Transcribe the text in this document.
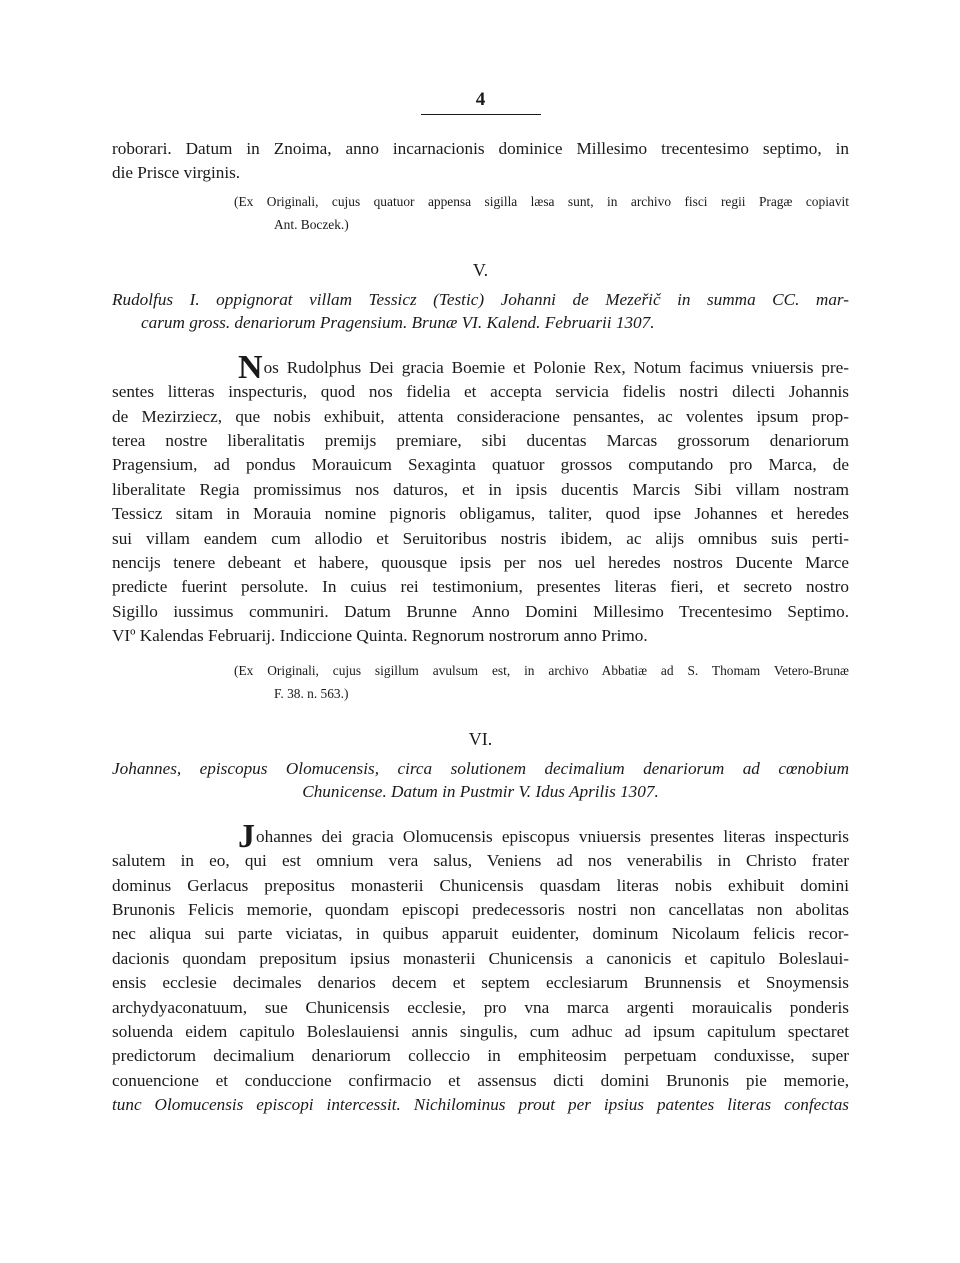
4
roborari. Datum in Znoima, anno incarnacionis dominice Millesimo trecentesimo septimo, in
die Prisce virginis.
(Ex Originali, cujus quatuor appensa sigilla læsa sunt, in archivo fisci regii Pragæ copiavit
Ant. Boczek.)
V.
Rudolfus I. oppignorat villam Tessicz (Testic) Johanni de Mezeřič in summa CC. mar-
carum gross. denariorum Pragensium. Brunæ VI. Kalend. Februarii 1307.
Nos Rudolphus Dei gracia Boemie et Polonie Rex, Notum facimus vniuersis pre-
sentes litteras inspecturis, quod nos fidelia et accepta servicia fidelis nostri dilecti Johannis
de Mezirziecz, que nobis exhibuit, attenta consideracione pensantes, ac volentes ipsum prop-
terea nostre liberalitatis premijs premiare, sibi ducentas Marcas grossorum denariorum
Pragensium, ad pondus Morauicum Sexaginta quatuor grossos computando pro Marca, de
liberalitate Regia promissimus nos daturos, et in ipsis ducentis Marcis Sibi villam nostram
Tessicz sitam in Morauia nomine pignoris obligamus, taliter, quod ipse Johannes et heredes
sui villam eandem cum allodio et Seruitoribus nostris ibidem, ac alijs omnibus suis perti-
nencijs tenere debeant et habere, quousque ipsis per nos uel heredes nostros Ducente Marce
predicte fuerint persolute. In cuius rei testimonium, presentes literas fieri, et secreto nostro
Sigillo iussimus communiri. Datum Brunne Anno Domini Millesimo Trecentesimo Septimo.
VIº Kalendas Februarij. Indiccione Quinta. Regnorum nostrorum anno Primo.
(Ex Originali, cujus sigillum avulsum est, in archivo Abbatiæ ad S. Thomam Vetero-Brunæ
F. 38. n. 563.)
VI.
Johannes, episcopus Olomucensis, circa solutionem decimalium denariorum ad cœnobium
Chunicense. Datum in Pustmir V. Idus Aprilis 1307.
Johannes dei gracia Olomucensis episcopus vniuersis presentes literas inspecturis
salutem in eo, qui est omnium vera salus, Veniens ad nos venerabilis in Christo frater
dominus Gerlacus prepositus monasterii Chunicensis quasdam literas nobis exhibuit domini
Brunonis Felicis memorie, quondam episcopi predecessoris nostri non cancellatas non abolitas
nec aliqua sui parte viciatas, in quibus apparuit euidenter, dominum Nicolaum felicis recor-
dacionis quondam prepositum ipsius monasterii Chunicensis a canonicis et capitulo Boleslaui-
ensis ecclesie decimales denarios decem et septem ecclesiarum Brunnensis et Snoymensis
archydyaconatuum, sue Chunicensis ecclesie, pro vna marca argenti morauicalis ponderis
soluenda eidem capitulo Boleslauiensi annis singulis, cum adhuc ad ipsum capitulum spectaret
predictorum decimalium denariorum colleccio in emphiteosim perpetuam conduxisse, super
conuencione et conduccione confirmacio et assensus dicti domini Brunonis pie memorie,
tunc Olomucensis episcopi intercessit. Nichilominus prout per ipsius patentes literas confectas
